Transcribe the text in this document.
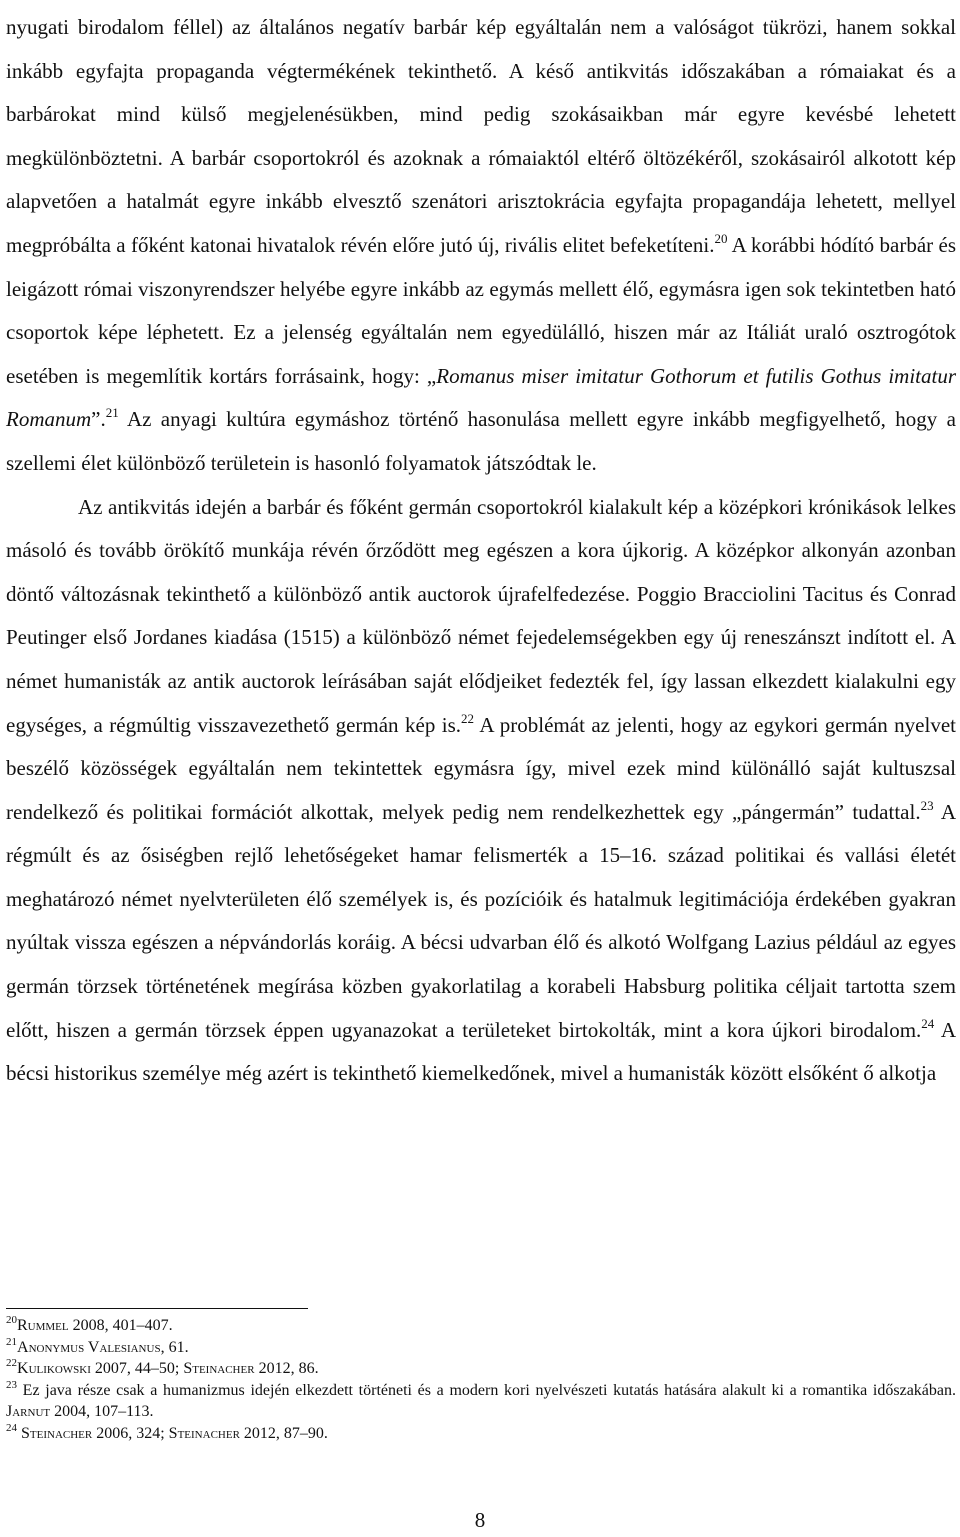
nyugati birodalom féllel) az általános negatív barbár kép egyáltalán nem a valóságot tükrözi, hanem sokkal inkább egyfajta propaganda végtermékének tekinthető. A késő antikvitás időszakában a rómaiakat és a barbárokat mind külső megjelenésükben, mind pedig szokásaikban már egyre kevésbé lehetett megkülönböztetni. A barbár csoportokról és azoknak a rómaiaktól eltérő öltözékéről, szokásairól alkotott kép alapvetően a hatalmát egyre inkább elvesztő szenátori arisztokrácia egyfajta propagandája lehetett, mellyel megpróbálta a főként katonai hivatalok révén előre jutó új, rivális elitet befeketíteni.$^{20}$ A korábbi hódító barbár és leigázott római viszonyrendszer helyébe egyre inkább az egymás mellett élő, egymásra igen sok tekintetben ható csoportok képe léphetett. Ez a jelenség egyáltalán nem egyedülálló, hiszen már az Itáliát uraló osztrogótok esetében is megemlítik kortárs forrásaink, hogy: „Romanus miser imitatur Gothorum et futilis Gothus imitatur Romanum”.$^{21}$ Az anyagi kultúra egymáshoz történő hasonulása mellett egyre inkább megfigyelhető, hogy a szellemi élet különböző területein is hasonló folyamatok játszódtak le.

Az antikvitás idején a barbár és főként germán csoportokról kialakult kép a középkori krónikások lelkes másoló és tovább örökítő munkája révén őrződött meg egészen a kora újkorig. A középkor alkonyán azonban döntő változásnak tekinthető a különböző antik auctorok újrafelfedezése. Poggio Bracciolini Tacitus és Conrad Peutinger első Jordanes kiadása (1515) a különböző német fejedelemségekben egy új reneszánszt indított el. A német humanisták az antik auctorok leírásában saját elődjeiket fedezték fel, így lassan elkezdett kialakulni egy egységes, a régmúltig visszavezethető germán kép is.$^{22}$ A problémát az jelenti, hogy az egykori germán nyelvet beszélő közösségek egyáltalán nem tekintettek egymásra így, mivel ezek mind különálló saját kultuszsal rendelkező és politikai formációt alkottak, melyek pedig nem rendelkezhettek egy „pángermán” tudattal.$^{23}$ A régmúlt és az ősiségben rejlő lehetőségeket hamar felismerték a 15–16. század politikai és vallási életét meghatározó német nyelvterületen élő személyek is, és pozícióik és hatalmuk legitimációja érdekében gyakran nyúltak vissza egészen a népvándorlás koráig. A bécsi udvarban élő és alkotó Wolfgang Lazius például az egyes germán törzsek történetének megírása közben gyakorlatilag a korabeli Habsburg politika céljait tartotta szem előtt, hiszen a germán törzsek éppen ugyanazokat a területeket birtokolták, mint a kora újkori birodalom.$^{24}$ A bécsi historikus személye még azért is tekinthető kiemelkedőnek, mivel a humanisták között elsőként ő alkotja

$^{20}$Rummel 2008, 401–407.

$^{21}$Anonymus Valesianus, 61.

$^{22}$Kulikowski 2007, 44–50; Steinacher 2012, 86.

$^{23}$ Ez java része csak a humanizmus idején elkezdett történeti és a modern kori nyelvészeti kutatás hatására alakult ki a romantika időszakában. Jarnut 2004, 107–113.

$^{24}$ Steinacher 2006, 324; Steinacher 2012, 87–90.

8
